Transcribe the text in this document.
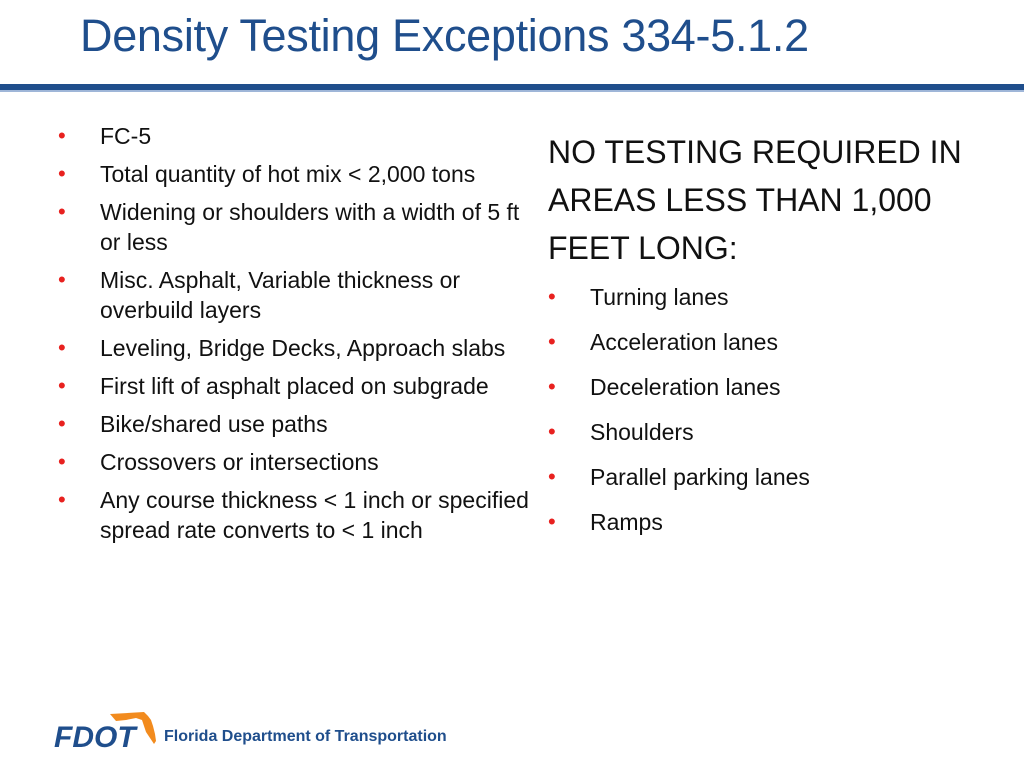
Density Testing Exceptions 334-5.1.2
• FC-5
• Total quantity of hot mix < 2,000 tons
• Widening or shoulders with a width of 5 ft or less
• Misc. Asphalt, Variable thickness or overbuild layers
• Leveling, Bridge Decks, Approach slabs
• First lift of asphalt placed on subgrade
• Bike/shared use paths
• Crossovers or intersections
• Any course thickness < 1 inch or specified spread rate converts to < 1 inch
NO TESTING REQUIRED IN
AREAS LESS THAN 1,000
FEET LONG:
• Turning lanes
• Acceleration lanes
• Deceleration lanes
• Shoulders
• Parallel parking lanes
• Ramps
FDOT Florida Department of Transportation
